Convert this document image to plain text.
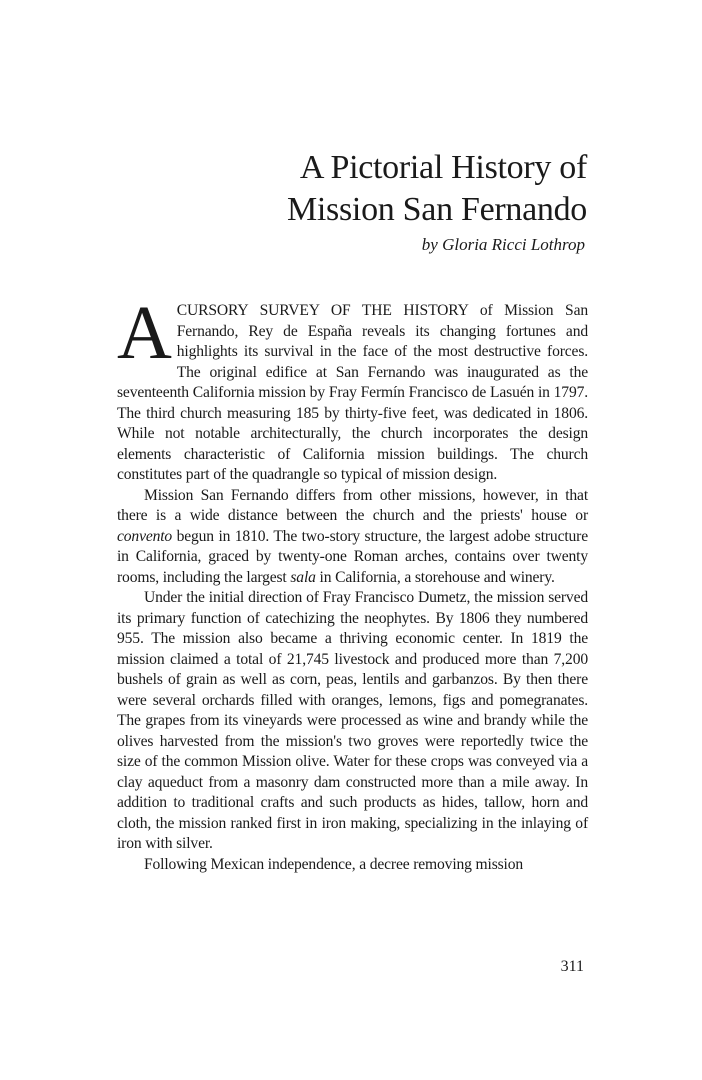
A Pictorial History of
Mission San Fernando

by Gloria Ricci Lothrop

ACURSORY SURVEY OF THE HISTORY of Mission San Fernando, Rey de España reveals its changing fortunes and highlights its survival in the face of the most destructive forces. The original edifice at San Fernando was inaugurated as the seventeenth California mission by Fray Fermín Francisco de Lasuén in 1797. The third church measuring 185 by thirty-five feet, was dedicated in 1806. While not notable architecturally, the church incorporates the design elements characteristic of California mission buildings. The church constitutes part of the quadrangle so typical of mission design.

Mission San Fernando differs from other missions, however, in that there is a wide distance between the church and the priests' house or convento begun in 1810. The two-story structure, the largest adobe structure in California, graced by twenty-one Roman arches, contains over twenty rooms, including the largest sala in California, a storehouse and winery.

Under the initial direction of Fray Francisco Dumetz, the mission served its primary function of catechizing the neophytes. By 1806 they numbered 955. The mission also became a thriving economic center. In 1819 the mission claimed a total of 21,745 livestock and produced more than 7,200 bushels of grain as well as corn, peas, lentils and garbanzos. By then there were several orchards filled with oranges, lemons, figs and pomegranates. The grapes from its vineyards were processed as wine and brandy while the olives harvested from the mission's two groves were reportedly twice the size of the common Mission olive. Water for these crops was conveyed via a clay aqueduct from a masonry dam constructed more than a mile away. In addition to traditional crafts and such products as hides, tallow, horn and cloth, the mission ranked first in iron making, specializing in the inlaying of iron with silver.

Following Mexican independence, a decree removing mission

311
